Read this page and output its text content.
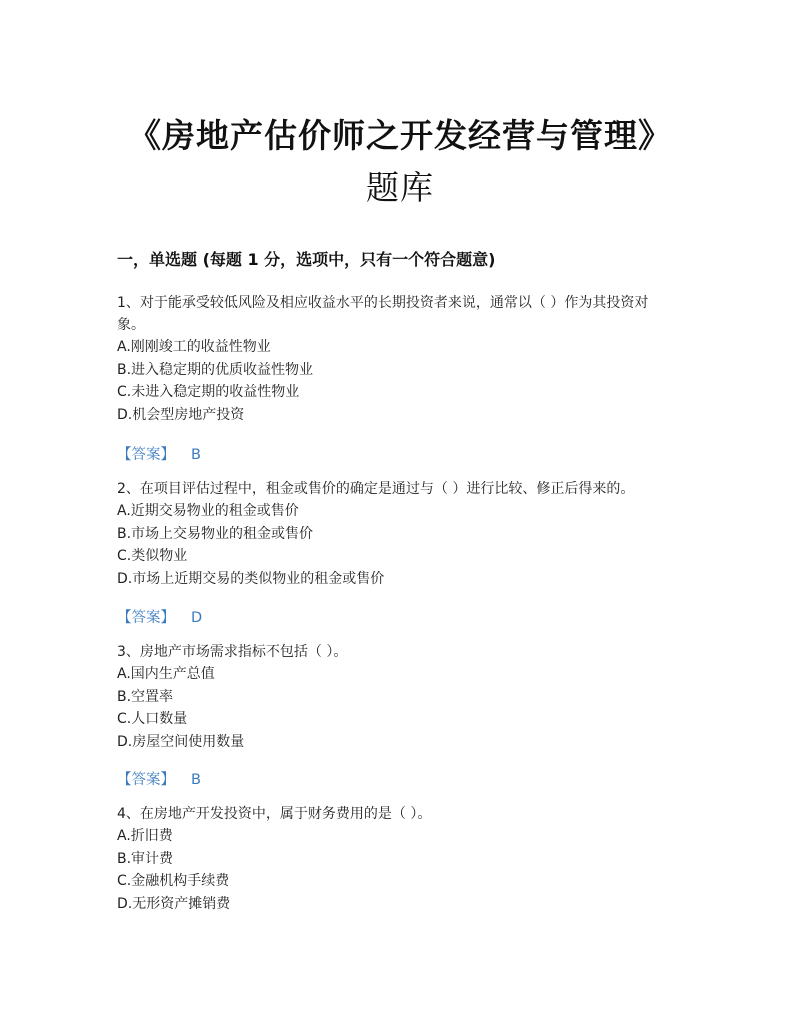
《房地产估价师之开发经营与管理》
题库
一，单选题 (每题 1 分，选项中，只有一个符合题意)

1、对于能承受较低风险及相应收益水平的长期投资者来说，通常以（ ）作为其投资对

象。

A.刚刚竣工的收益性物业

B.进入稳定期的优质收益性物业

C.未进入稳定期的收益性物业

D.机会型房地产投资

【答案】 B

2、在项目评估过程中，租金或售价的确定是通过与（ ）进行比较、修正后得来的。

A.近期交易物业的租金或售价

B.市场上交易物业的租金或售价

C.类似物业

D.市场上近期交易的类似物业的租金或售价

【答案】 D

3、房地产市场需求指标不包括（ ）。

A.国内生产总值

B.空置率

C.人口数量

D.房屋空间使用数量

【答案】 B

4、在房地产开发投资中，属于财务费用的是（ ）。

A.折旧费

B.审计费

C.金融机构手续费

D.无形资产摊销费
